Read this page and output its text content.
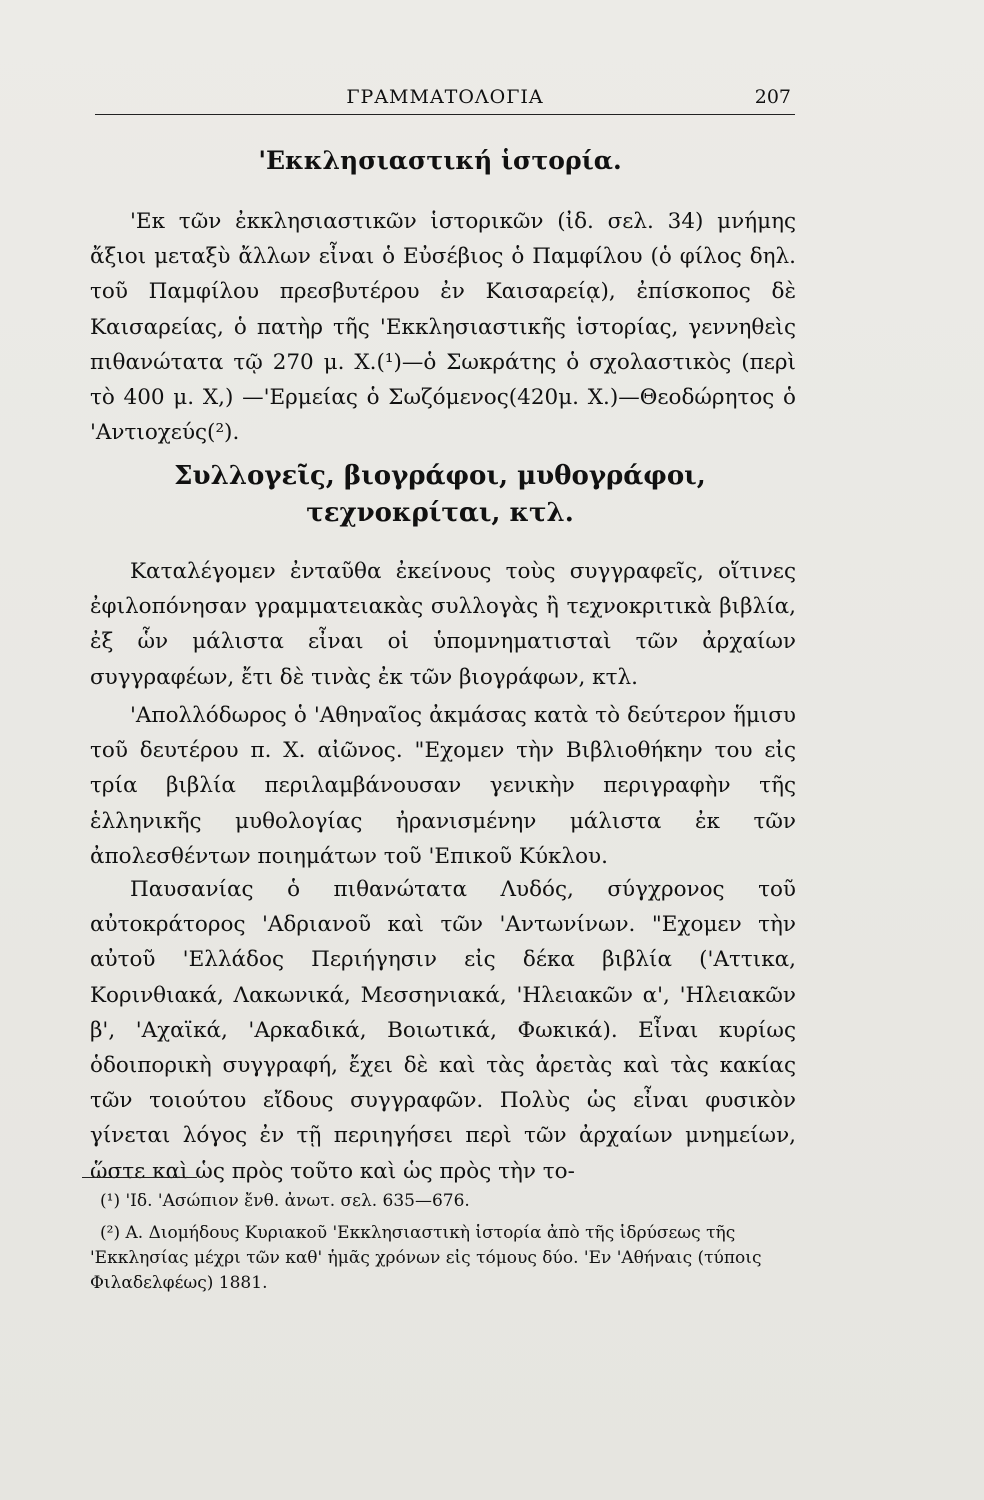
ΓΡΑΜΜΑΤΟΛΟΓΙΑ	207
'Εκκλησιαστική ἱστορία.

'Εκ τῶν ἐκκλησιαστικῶν ἱστορικῶν (ἰδ. σελ. 34) μνήμης ἄξιοι μεταξὺ ἄλλων εἶναι ὁ Εὐσέβιος ὁ Παμφίλου (ὁ φίλος δηλ. τοῦ Παμφίλου πρεσβυτέρου ἐν Καισαρείᾳ), ἐπίσκοπος δὲ Καισαρείας, ὁ πατὴρ τῆς 'Εκκλησιαστικῆς ἱστορίας, γεννηθεὶς πιθανώτατα τῷ 270 μ. Χ.(¹)—ὁ Σωκράτης ὁ σχολαστικὸς (περὶ τὸ 400 μ. Χ,) —'Ερμείας ὁ Σωζόμενος(420μ. Χ.)—Θεοδώρητος ὁ 'Αντιοχεύς(²).

Συλλογεῖς, βιογράφοι, μυθογράφοι, τεχνοκρίται, κτλ.

Καταλέγομεν ἐνταῦθα ἐκείνους τοὺς συγγραφεῖς, οἵτινες ἐφιλοπόνησαν γραμματειακὰς συλλογὰς ἢ τεχνοκριτικὰ βιβλία, ἐξ ὧν μάλιστα εἶναι οἱ ὑπομνηματισταὶ τῶν ἀρχαίων συγγραφέων, ἔτι δὲ τινὰς ἐκ τῶν βιογράφων, κτλ.

'Απολλόδωρος ὁ 'Αθηναῖος ἀκμάσας κατὰ τὸ δεύτερον ἥμισυ τοῦ δευτέρου π. Χ. αἰῶνος. "Εχομεν τὴν Βιβλιοθήκην του εἰς τρία βιβλία περιλαμβάνουσαν γενικὴν περιγραφὴν τῆς ἑλληνικῆς μυθολογίας ἠρανισμένην μάλιστα ἐκ τῶν ἀπολεσθέντων ποιημάτων τοῦ 'Επικοῦ Κύκλου.

Παυσανίας ὁ πιθανώτατα Λυδός, σύγχρονος τοῦ αὐτοκράτορος 'Αδριανοῦ καὶ τῶν 'Αντωνίνων. "Εχομεν τὴν αὐτοῦ 'Ελλάδος Περιήγησιν εἰς δέκα βιβλία ('Αττικα, Κορινθιακά, Λακωνικά, Μεσσηνιακά, 'Ηλειακῶν α', 'Ηλειακῶν β', 'Αχαϊκά, 'Αρκαδικά, Βοιωτικά, Φωκικά). Εἶναι κυρίως ὁδοιπορικὴ συγγραφή, ἔχει δὲ καὶ τὰς ἀρετὰς καὶ τὰς κακίας τῶν τοιούτου εἴδους συγγραφῶν. Πολὺς ὡς εἶναι φυσικὸν γίνεται λόγος ἐν τῇ περιηγήσει περὶ τῶν ἀρχαίων μνημείων, ὥστε καὶ ὡς πρὸς τοῦτο καὶ ὡς πρὸς τὴν το-

(¹) 'Ιδ. 'Ασώπιον ἔνθ. ἀνωτ. σελ. 635—676.

(²) Α. Διομήδους Κυριακοῦ 'Εκκλησιαστικὴ ἱστορία ἀπὸ τῆς ἱδρύσεως τῆς 'Εκκλησίας μέχρι τῶν καθ' ἡμᾶς χρόνων εἰς τόμους δύο. 'Εν 'Αθήναις (τύποις Φιλαδελφέως) 1881.
